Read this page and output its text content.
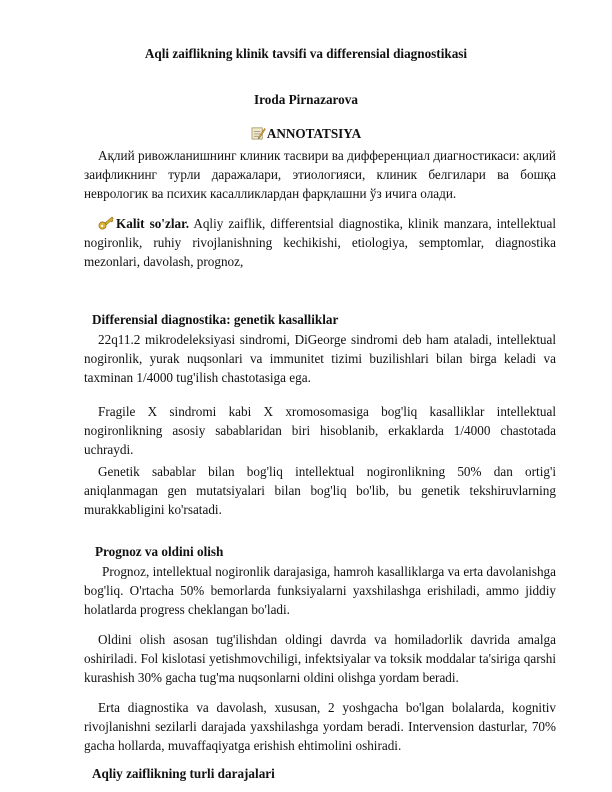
Aqli zaiflikning klinik tavsifi va differensial diagnostikasi
Iroda Pirnazarova
ANNOTATSIYA
Ақлий ривожланишнинг клиник тасвири ва дифференциал диагностикаси: ақлий заифликнинг турли даражалари, этиологияси, клиник белгилари ва бошқа неврологик ва психик касалликлардан фарқлашни ўз ичига олади.
Kalit so'zlar. Aqliy zaiflik, differentsial diagnostika, klinik manzara, intellektual nogironlik, ruhiy rivojlanishning kechikishi, etiologiya, semptomlar, diagnostika mezonlari, davolash, prognoz,
Differensial diagnostika: genetik kasalliklar
22q11.2 mikrodeleksiyasi sindromi, DiGeorge sindromi deb ham ataladi, intellektual nogironlik, yurak nuqsonlari va immunitet tizimi buzilishlari bilan birga keladi va taxminan 1/4000 tug'ilish chastotasiga ega.
Fragile X sindromi kabi X xromosomasiga bog'liq kasalliklar intellektual nogironlikning asosiy sabablaridan biri hisoblanib, erkaklarda 1/4000 chastotada uchraydi.
Genetik sabablar bilan bog'liq intellektual nogironlikning 50% dan ortig'i aniqlanmagan gen mutatsiyalari bilan bog'liq bo'lib, bu genetik tekshiruvlarning murakkabligini ko'rsatadi.
Prognoz va oldini olish
Prognoz, intellektual nogironlik darajasiga, hamroh kasalliklarga va erta davolanishga bog'liq. O'rtacha 50% bemorlarda funksiyalarni yaxshilashga erishiladi, ammo jiddiy holatlarda progress cheklangan bo'ladi.
Oldini olish asosan tug'ilishdan oldingi davrda va homiladorlik davrida amalga oshiriladi. Fol kislotasi yetishmovchiligi, infektsiyalar va toksik moddalar ta'siriga qarshi kurashish 30% gacha tug'ma nuqsonlarni oldini olishga yordam beradi.
Erta diagnostika va davolash, xususan, 2 yoshgacha bo'lgan bolalarda, kognitiv rivojlanishni sezilarli darajada yaxshilashga yordam beradi. Intervension dasturlar, 70% gacha hollarda, muvaffaqiyatga erishish ehtimolini oshiradi.
Aqliy zaiflikning turli darajalari
